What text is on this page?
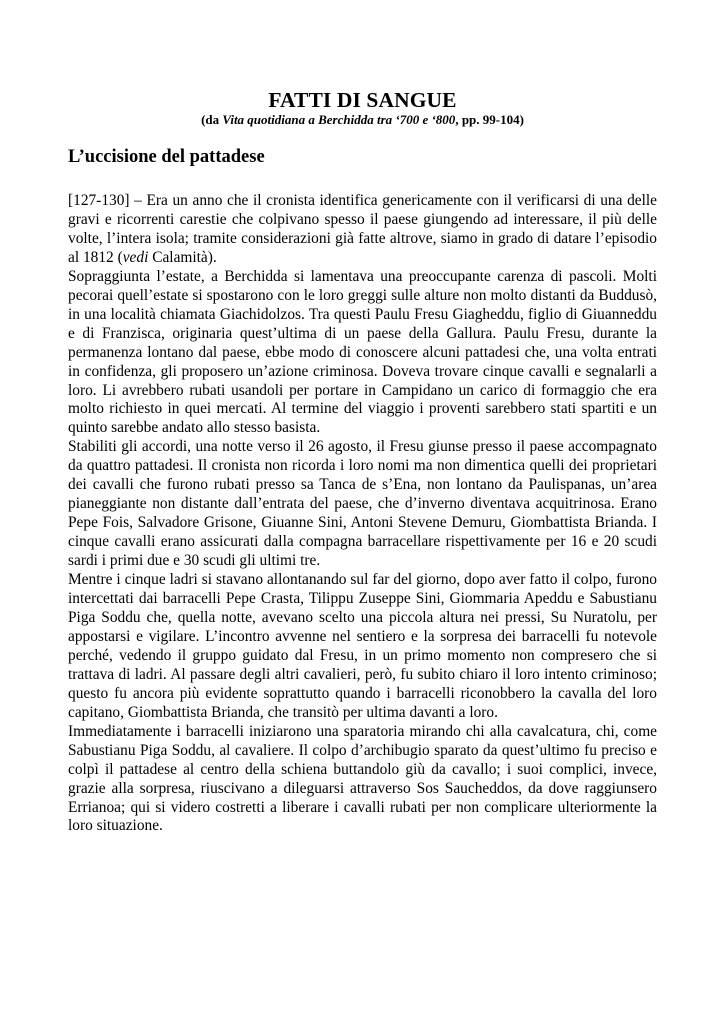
FATTI DI SANGUE

(da Vita quotidiana a Berchidda tra ‘700 e ‘800, pp. 99-104)

L’uccisione del pattadese

[127-130] – Era un anno che il cronista identifica genericamente con il verificarsi di una delle gravi e ricorrenti carestie che colpivano spesso il paese giungendo ad interessare, il più delle volte, l’intera isola; tramite considerazioni già fatte altrove, siamo in grado di datare l’episodio al 1812 (vedi Calamità).

Sopraggiunta l’estate, a Berchidda si lamentava una preoccupante carenza di pascoli. Molti pecorai quell’estate si spostarono con le loro greggi sulle alture non molto distanti da Buddusò, in una località chiamata Giachidolzos. Tra questi Paulu Fresu Giagheddu, figlio di Giuanneddu e di Franzisca, originaria quest’ultima di un paese della Gallura. Paulu Fresu, durante la permanenza lontano dal paese, ebbe modo di conoscere alcuni pattadesi che, una volta entrati in confidenza, gli proposero un’azione criminosa. Doveva trovare cinque cavalli e segnalarli a loro. Li avrebbero rubati usandoli per portare in Campidano un carico di formaggio che era molto richiesto in quei mercati. Al termine del viaggio i proventi sarebbero stati spartiti e un quinto sarebbe andato allo stesso basista.

Stabiliti gli accordi, una notte verso il 26 agosto, il Fresu giunse presso il paese accompagnato da quattro pattadesi. Il cronista non ricorda i loro nomi ma non dimentica quelli dei proprietari dei cavalli che furono rubati presso sa Tanca de s’Ena, non lontano da Paulispanas, un’area pianeggiante non distante dall’entrata del paese, che d’inverno diventava acquitrinosa. Erano Pepe Fois, Salvadore Grisone, Giuanne Sini, Antoni Stevene Demuru, Giombattista Brianda. I cinque cavalli erano assicurati dalla compagna barracellare rispettivamente per 16 e 20 scudi sardi i primi due e 30 scudi gli ultimi tre.

Mentre i cinque ladri si stavano allontanando sul far del giorno, dopo aver fatto il colpo, furono intercettati dai barracelli Pepe Crasta, Tilippu Zuseppe Sini, Giommaria Apeddu e Sabustianu Piga Soddu che, quella notte, avevano scelto una piccola altura nei pressi, Su Nuratolu, per appostarsi e vigilare. L’incontro avvenne nel sentiero e la sorpresa dei barracelli fu notevole perché, vedendo il gruppo guidato dal Fresu, in un primo momento non compresero che si trattava di ladri. Al passare degli altri cavalieri, però, fu subito chiaro il loro intento criminoso; questo fu ancora più evidente soprattutto quando i barracelli riconobbero la cavalla del loro capitano, Giombattista Brianda, che transitò per ultima davanti a loro.

Immediatamente i barracelli iniziarono una sparatoria mirando chi alla cavalcatura, chi, come Sabustianu Piga Soddu, al cavaliere. Il colpo d’archibugio sparato da quest’ultimo fu preciso e colpì il pattadese al centro della schiena buttandolo giù da cavallo; i suoi complici, invece, grazie alla sorpresa, riuscivano a dileguarsi attraverso Sos Saucheddos, da dove raggiunsero Errianoa; qui si videro costretti a liberare i cavalli rubati per non complicare ulteriormente la loro situazione.
